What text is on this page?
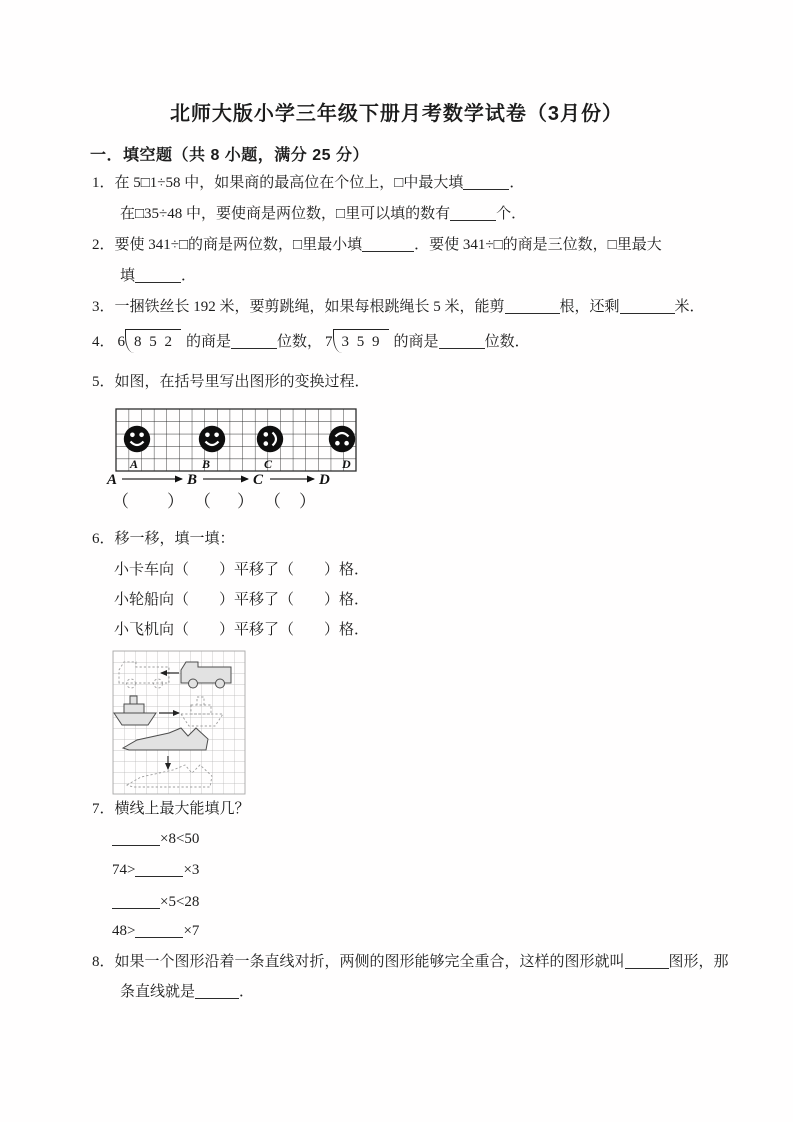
北师大版小学三年级下册月考数学试卷（3月份）
一．填空题（共 8 小题，满分 25 分）
1．在 5□1÷58 中，如果商的最高位在个位上，□中最大填	．
在□35÷48 中，要使商是两位数，□里可以填的数有	个．
2．要使 341÷□的商是两位数，□里最小填	．要使 341÷□的商是三位数，□里最大
填	．
3．一捆铁丝长 192 米，要剪跳绳，如果每根跳绳长 5 米，能剪	根，还剩	米．
4． 6 8 5 2 的商是	位数， 7 3 5 9 的商是	位数．
5．如图，在括号里写出图形的变换过程．
A	B	C	D
A	B	C	D
（ ） （ ） （ ）
6．移一移，填一填：
小卡车向（　　）平移了（　　）格．
小轮船向（　　）平移了（　　）格．
小飞机向（　　）平移了（　　）格．
7．横线上最大能填几？
×8<50
74>	×3
×5<28
48>	×7
8．如果一个图形沿着一条直线对折，两侧的图形能够完全重合，这样的图形就叫	图形，那
条直线就是	．
